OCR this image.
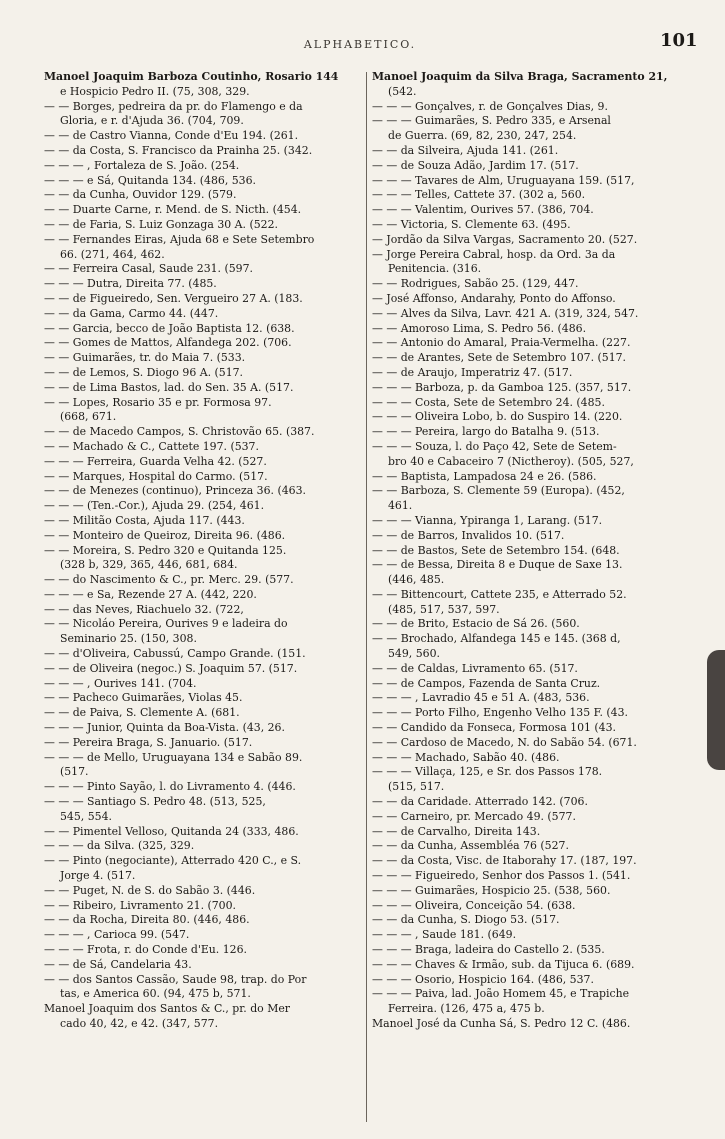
ALPHABETICO.	101
Manoel Joaquim Barboza Coutinho, Rosario 144
e Hospicio Pedro II. (75, 308, 329.
— — Borges, pedreira da pr. do Flamengo e da
Gloria, e r. d'Ajuda 36. (704, 709.
— — de Castro Vianna, Conde d'Eu 194. (261.
— — da Costa, S. Francisco da Prainha 25. (342.
— — — , Fortaleza de S. João. (254.
— — — e Sá, Quitanda 134. (486, 536.
— — da Cunha, Ouvidor 129. (579.
— — Duarte Carne, r. Mend. de S. Nicth. (454.
— — de Faria, S. Luiz Gonzaga 30 A. (522.
— — Fernandes Eiras, Ajuda 68 e Sete Setembro
66. (271, 464, 462.
— — Ferreira Casal, Saude 231. (597.
— — — Dutra, Direita 77. (485.
— — de Figueiredo, Sen. Vergueiro 27 A. (183.
— — da Gama, Carmo 44. (447.
— — Garcia, becco de João Baptista 12. (638.
— — Gomes de Mattos, Alfandega 202. (706.
— — Guimarães, tr. do Maia 7. (533.
— — de Lemos, S. Diogo 96 A. (517.
— — de Lima Bastos, lad. do Sen. 35 A. (517.
— — Lopes, Rosario 35 e pr. Formosa 97.
(668, 671.
— — de Macedo Campos, S. Christovão 65. (387.
— — Machado & C., Cattete 197. (537.
— — — Ferreira, Guarda Velha 42. (527.
— — Marques, Hospital do Carmo. (517.
— — de Menezes (continuo), Princeza 36. (463.
— — — (Ten.-Cor.), Ajuda 29. (254, 461.
— — Militão Costa, Ajuda 117. (443.
— — Monteiro de Queiroz, Direita 96. (486.
— — Moreira, S. Pedro 320 e Quitanda 125.
(328 b, 329, 365, 446, 681, 684.
— — do Nascimento & C., pr. Merc. 29. (577.
— — — e Sa, Rezende 27 A. (442, 220.
— — das Neves, Riachuelo 32. (722,
— — Nicoláo Pereira, Ourives 9 e ladeira do
Seminario 25. (150, 308.
— — d'Oliveira, Cabussú, Campo Grande. (151.
— — de Oliveira (negoc.) S. Joaquim 57. (517.
— — — , Ourives 141. (704.
— — Pacheco Guimarães, Violas 45.
— — de Paiva, S. Clemente A. (681.
— — — Junior, Quinta da Boa-Vista. (43, 26.
— — Pereira Braga, S. Januario. (517.
— — — de Mello, Uruguayana 134 e Sabão 89.
(517.
— — — Pinto Sayão, l. do Livramento 4. (446.
— — — Santiago S. Pedro 48. (513, 525,
545, 554.
— — Pimentel Velloso, Quitanda 24 (333, 486.
— — — da Silva. (325, 329.
— — Pinto (negociante), Atterrado 420 C., e S.
Jorge 4. (517.
— — Puget, N. de S. do Sabão 3. (446.
— — Ribeiro, Livramento 21. (700.
— — da Rocha, Direita 80. (446, 486.
— — — , Carioca 99. (547.
— — — Frota, r. do Conde d'Eu. 126.
— — de Sá, Candelaria 43.
— — dos Santos Cassão, Saude 98, trap. do Por
tas, e America 60. (94, 475 b, 571.
Manoel Joaquim dos Santos & C., pr. do Mer
cado 40, 42, e 42. (347, 577.
Manoel Joaquim da Silva Braga, Sacramento 21,
(542.
— — — Gonçalves, r. de Gonçalves Dias, 9.
— — — Guimarães, S. Pedro 335, e Arsenal
de Guerra. (69, 82, 230, 247, 254.
— — da Silveira, Ajuda 141. (261.
— — de Souza Adão, Jardim 17. (517.
— — — Tavares de Alm, Uruguayana 159. (517,
— — — Telles, Cattete 37. (302 a, 560.
— — — Valentim, Ourives 57. (386, 704.
— — Victoria, S. Clemente 63. (495.
— Jordão da Silva Vargas, Sacramento 20. (527.
— Jorge Pereira Cabral, hosp. da Ord. 3a da
Penitencia. (316.
— — Rodrigues, Sabão 25. (129, 447.
— José Affonso, Andarahy, Ponto do Affonso.
— — Alves da Silva, Lavr. 421 A. (319, 324, 547.
— — Amoroso Lima, S. Pedro 56. (486.
— — Antonio do Amaral, Praia-Vermelha. (227.
— — de Arantes, Sete de Setembro 107. (517.
— — de Araujo, Imperatriz 47. (517.
— — — Barboza, p. da Gamboa 125. (357, 517.
— — — Costa, Sete de Setembro 24. (485.
— — — Oliveira Lobo, b. do Suspiro 14. (220.
— — — Pereira, largo do Batalha 9. (513.
— — — Souza, l. do Paço 42, Sete de Setem-
bro 40 e Cabaceiro 7 (Nictheroy). (505, 527,
— — Baptista, Lampadosa 24 e 26. (586.
— — Barboza, S. Clemente 59 (Europa). (452,
461.
— — — Vianna, Ypiranga 1, Larang. (517.
— — de Barros, Invalidos 10. (517.
— — de Bastos, Sete de Setembro 154. (648.
— — de Bessa, Direita 8 e Duque de Saxe 13.
(446, 485.
— — Bittencourt, Cattete 235, e Atterrado 52.
(485, 517, 537, 597.
— — de Brito, Estacio de Sá 26. (560.
— — Brochado, Alfandega 145 e 145. (368 d,
549, 560.
— — de Caldas, Livramento 65. (517.
— — de Campos, Fazenda de Santa Cruz.
— — — , Lavradio 45 e 51 A. (483, 536.
— — — Porto Filho, Engenho Velho 135 F. (43.
— — Candido da Fonseca, Formosa 101 (43.
— — Cardoso de Macedo, N. do Sabão 54. (671.
— — — Machado, Sabão 40. (486.
— — — Villaça, 125, e Sr. dos Passos 178.
(515, 517.
— — da Caridade. Atterrado 142. (706.
— — Carneiro, pr. Mercado 49. (577.
— — de Carvalho, Direita 143.
— — da Cunha, Assembléa 76 (527.
— — da Costa, Visc. de Itaborahy 17. (187, 197.
— — — Figueiredo, Senhor dos Passos 1. (541.
— — — Guimarães, Hospicio 25. (538, 560.
— — — Oliveira, Conceição 54. (638.
— — da Cunha, S. Diogo 53. (517.
— — — , Saude 181. (649.
— — — Braga, ladeira do Castello 2. (535.
— — — Chaves & Irmão, sub. da Tijuca 6. (689.
— — — Osorio, Hospicio 164. (486, 537.
— — — Paiva, lad. João Homem 45, e Trapiche
Ferreira. (126, 475 a, 475 b.
Manoel José da Cunha Sá, S. Pedro 12 C. (486.
